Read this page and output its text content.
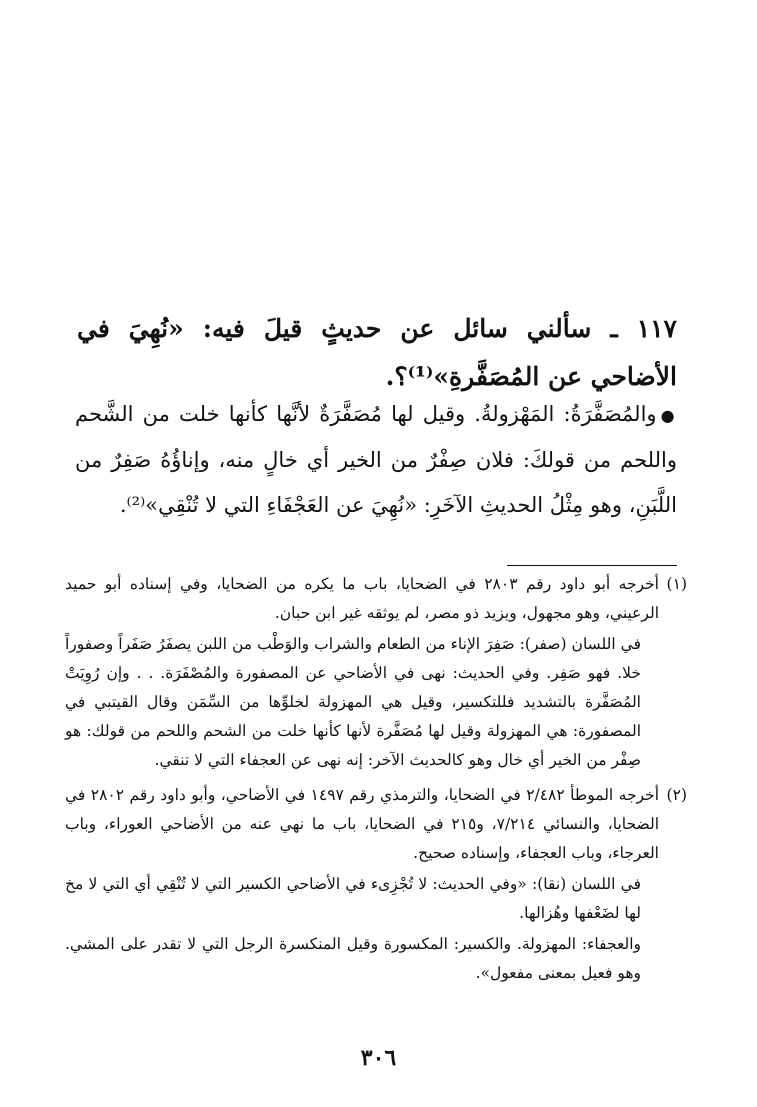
١١٧ ـ سألني سائل عن حديثٍ قيلَ فيه: «نُهِيَ في الأضاحي عن المُصَفَّرةِ»⁽¹⁾؟.
●والمُصَفَّرَةُ: المَهْزولةُ. وقيل لها مُصَفَّرَةٌ لأنَّها كأنها خلت من الشَّحم واللحم من قولكَ: فلان صِفْرٌ من الخير أي خالٍ منه، وإناؤُهُ صَفِرٌ من اللَّبَنِ، وهو مِثْلُ الحديثِ الآخَرِ: «نُهِيَ عن العَجْفَاءِ التي لا تُنْقِي»⁽²⁾.
(١)

أخرجه أبو داود رقم ٢٨٠٣ في الضحايا، باب ما يكره من الضحايا، وفي إسناده أبو حميد الرعيني، وهو مجهول، ويزيد ذو مصر، لم يوثقه غير ابن حبان.

في اللسان (صفر): صَفِرَ الإناء من الطعام والشراب والوَطْب من اللبن يصفَرُ صَفَراً وصفوراً خلا. فهو صَفِر. وفي الحديث: نهى في الأضاحي عن المصفورة والمُصْفَرَة. . . وإن رُوِيَتْ المُصَفَّرة بالتشديد فللتكسير، وقيل هي المهزولة لخلوِّها من السِّمَن وقال القيتبي في المصفورة: هي المهزولة وقيل لها مُصَفَّرة لأنها كأنها خلت من الشحم واللحم من قولك: هو صِفْر من الخير أي خال وهو كالحديث الآخر: إنه نهى عن العجفاء التي لا تنقي.

(٢)

أخرجه الموطأ ٢/٤٨٢ في الضحايا، والترمذي رقم ١٤٩٧ في الأضاحي، وأبو داود رقم ٢٨٠٢ في الضحايا، والنسائي ٧/٢١٤، و٢١٥ في الضحايا، باب ما نهي عنه من الأضاحي العوراء، وباب العرجاء، وباب العجفاء، وإسناده صحيح.

في اللسان (نقا): «وفي الحديث: لا تُجْزِىء في الأضاحي الكسير التي لا تُنْقِي أي التي لا مخ لها لضَعْفها وهُزالها.

والعجفاء: المهزولة. والكسير: المكسورة وقيل المنكسرة الرجل التي لا تقدر على المشي. وهو فعيل بمعنى مفعول».

٣٠٦
